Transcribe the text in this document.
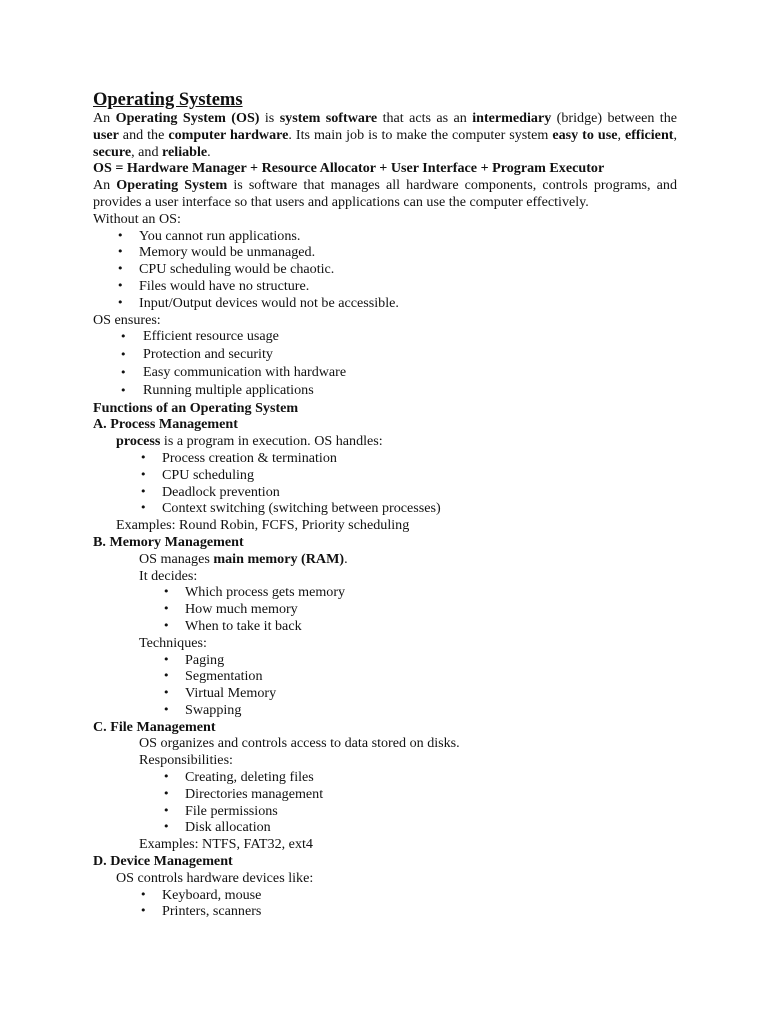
Operating Systems

An Operating System (OS) is system software that acts as an intermediary (bridge) between the user and the computer hardware. Its main job is to make the computer system easy to use, efficient, secure, and reliable.

OS = Hardware Manager + Resource Allocator + User Interface + Program Executor

An Operating System is software that manages all hardware components, controls programs, and provides a user interface so that users and applications can use the computer effectively.

Without an OS:

• You cannot run applications.
• Memory would be unmanaged.
• CPU scheduling would be chaotic.
• Files would have no structure.
• Input/Output devices would not be accessible.

OS ensures:

• Efficient resource usage
• Protection and security
• Easy communication with hardware
• Running multiple applications

Functions of an Operating System

A. Process Management

process is a program in execution. OS handles:

• Process creation & termination
• CPU scheduling
• Deadlock prevention
• Context switching (switching between processes)

Examples: Round Robin, FCFS, Priority scheduling

B. Memory Management

OS manages main memory (RAM).

It decides:

• Which process gets memory
• How much memory
• When to take it back

Techniques:

• Paging
• Segmentation
• Virtual Memory
• Swapping

C. File Management

OS organizes and controls access to data stored on disks.

Responsibilities:

• Creating, deleting files
• Directories management
• File permissions
• Disk allocation

Examples: NTFS, FAT32, ext4

D. Device Management

OS controls hardware devices like:

• Keyboard, mouse
• Printers, scanners
